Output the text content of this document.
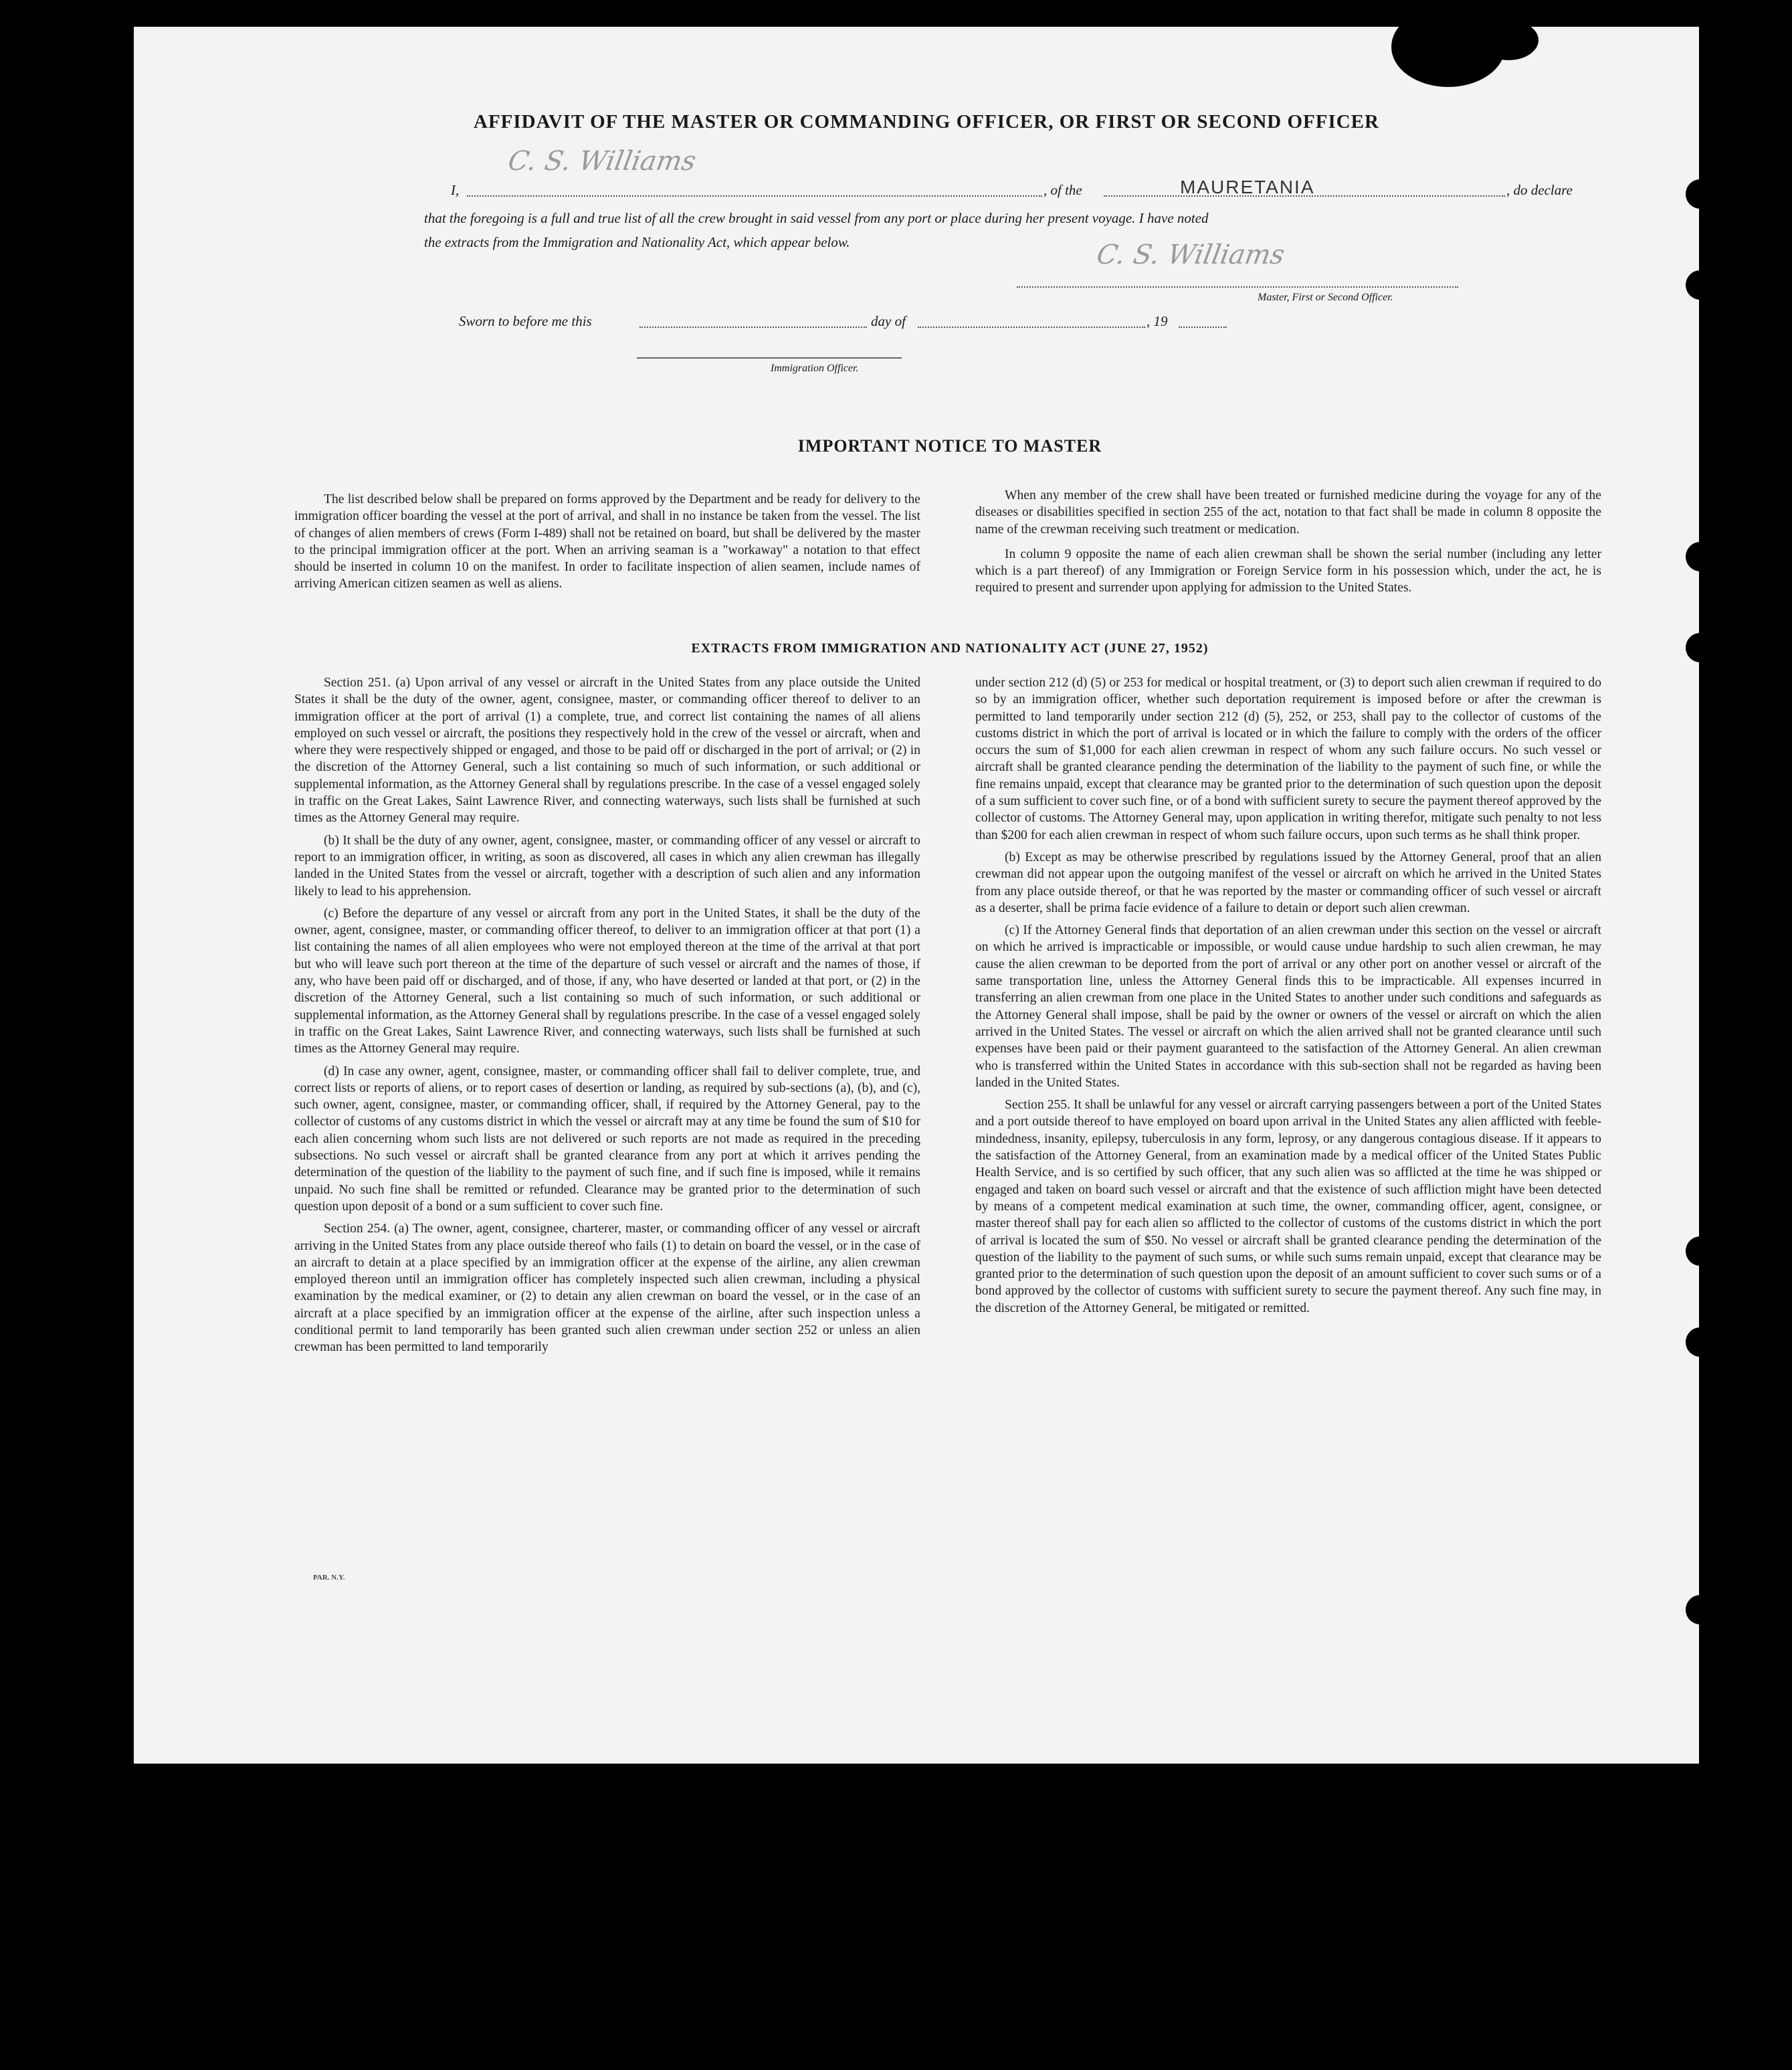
AFFIDAVIT OF THE MASTER OR COMMANDING OFFICER, OR FIRST OR SECOND OFFICER
I,
C. S. Williams
, of the	MAURETANIA	, do declare
that the foregoing is a full and true list of all the crew brought in said vessel from any port or place during her present voyage. I have noted
the extracts from the Immigration and Nationality Act, which appear below.	C. S. Williams
Master, First or Second Officer.
Sworn to before me this	day of	, 19
Immigration Officer.
IMPORTANT NOTICE TO MASTER

The list described below shall be prepared on forms approved by the Department and be ready for delivery to the immigration officer boarding the vessel at the port of arrival, and shall in no instance be taken from the vessel. The list of changes of alien members of crews (Form I-489) shall not be retained on board, but shall be delivered by the master to the principal immigration officer at the port. When an arriving seaman is a "workaway" a notation to that effect should be inserted in column 10 on the manifest. In order to facilitate inspection of alien seamen, include names of arriving American citizen seamen as well as aliens.

When any member of the crew shall have been treated or furnished medicine during the voyage for any of the diseases or disabilities specified in section 255 of the act, notation to that fact shall be made in column 8 opposite the name of the crewman receiving such treatment or medication.

In column 9 opposite the name of each alien crewman shall be shown the serial number (including any letter which is a part thereof) of any Immigration or Foreign Service form in his possession which, under the act, he is required to present and surrender upon applying for admission to the United States.

EXTRACTS FROM IMMIGRATION AND NATIONALITY ACT (JUNE 27, 1952)

Section 251. (a) Upon arrival of any vessel or aircraft in the United States from any place outside the United States it shall be the duty of the owner, agent, consignee, master, or commanding officer thereof to deliver to an immigration officer at the port of arrival (1) a complete, true, and correct list containing the names of all aliens employed on such vessel or aircraft, the positions they respectively hold in the crew of the vessel or aircraft, when and where they were respectively shipped or engaged, and those to be paid off or discharged in the port of arrival; or (2) in the discretion of the Attorney General, such a list containing so much of such information, or such additional or supplemental information, as the Attorney General shall by regulations prescribe. In the case of a vessel engaged solely in traffic on the Great Lakes, Saint Lawrence River, and connecting waterways, such lists shall be furnished at such times as the Attorney General may require.

(b) It shall be the duty of any owner, agent, consignee, master, or commanding officer of any vessel or aircraft to report to an immigration officer, in writing, as soon as discovered, all cases in which any alien crewman has illegally landed in the United States from the vessel or aircraft, together with a description of such alien and any information likely to lead to his apprehension.

(c) Before the departure of any vessel or aircraft from any port in the United States, it shall be the duty of the owner, agent, consignee, master, or commanding officer thereof, to deliver to an immigration officer at that port (1) a list containing the names of all alien employees who were not employed thereon at the time of the arrival at that port but who will leave such port thereon at the time of the departure of such vessel or aircraft and the names of those, if any, who have been paid off or discharged, and of those, if any, who have deserted or landed at that port, or (2) in the discretion of the Attorney General, such a list containing so much of such information, or such additional or supplemental information, as the Attorney General shall by regulations prescribe. In the case of a vessel engaged solely in traffic on the Great Lakes, Saint Lawrence River, and connecting waterways, such lists shall be furnished at such times as the Attorney General may require.

(d) In case any owner, agent, consignee, master, or commanding officer shall fail to deliver complete, true, and correct lists or reports of aliens, or to report cases of desertion or landing, as required by sub-sections (a), (b), and (c), such owner, agent, consignee, master, or commanding officer, shall, if required by the Attorney General, pay to the collector of customs of any customs district in which the vessel or aircraft may at any time be found the sum of $10 for each alien concerning whom such lists are not delivered or such reports are not made as required in the preceding subsections. No such vessel or aircraft shall be granted clearance from any port at which it arrives pending the determination of the question of the liability to the payment of such fine, and if such fine is imposed, while it remains unpaid. No such fine shall be remitted or refunded. Clearance may be granted prior to the determination of such question upon deposit of a bond or a sum sufficient to cover such fine.

Section 254. (a) The owner, agent, consignee, charterer, master, or commanding officer of any vessel or aircraft arriving in the United States from any place outside thereof who fails (1) to detain on board the vessel, or in the case of an aircraft to detain at a place specified by an immigration officer at the expense of the airline, any alien crewman employed thereon until an immigration officer has completely inspected such alien crewman, including a physical examination by the medical examiner, or (2) to detain any alien crewman on board the vessel, or in the case of an aircraft at a place specified by an immigration officer at the expense of the airline, after such inspection unless a conditional permit to land temporarily has been granted such alien crewman under section 252 or unless an alien crewman has been permitted to land temporarily

under section 212 (d) (5) or 253 for medical or hospital treatment, or (3) to deport such alien crewman if required to do so by an immigration officer, whether such deportation requirement is imposed before or after the crewman is permitted to land temporarily under section 212 (d) (5), 252, or 253, shall pay to the collector of customs of the customs district in which the port of arrival is located or in which the failure to comply with the orders of the officer occurs the sum of $1,000 for each alien crewman in respect of whom any such failure occurs. No such vessel or aircraft shall be granted clearance pending the determination of the liability to the payment of such fine, or while the fine remains unpaid, except that clearance may be granted prior to the determination of such question upon the deposit of a sum sufficient to cover such fine, or of a bond with sufficient surety to secure the payment thereof approved by the collector of customs. The Attorney General may, upon application in writing therefor, mitigate such penalty to not less than $200 for each alien crewman in respect of whom such failure occurs, upon such terms as he shall think proper.

(b) Except as may be otherwise prescribed by regulations issued by the Attorney General, proof that an alien crewman did not appear upon the outgoing manifest of the vessel or aircraft on which he arrived in the United States from any place outside thereof, or that he was reported by the master or commanding officer of such vessel or aircraft as a deserter, shall be prima facie evidence of a failure to detain or deport such alien crewman.

(c) If the Attorney General finds that deportation of an alien crewman under this section on the vessel or aircraft on which he arrived is impracticable or impossible, or would cause undue hardship to such alien crewman, he may cause the alien crewman to be deported from the port of arrival or any other port on another vessel or aircraft of the same transportation line, unless the Attorney General finds this to be impracticable. All expenses incurred in transferring an alien crewman from one place in the United States to another under such conditions and safeguards as the Attorney General shall impose, shall be paid by the owner or owners of the vessel or aircraft on which the alien arrived in the United States. The vessel or aircraft on which the alien arrived shall not be granted clearance until such expenses have been paid or their payment guaranteed to the satisfaction of the Attorney General. An alien crewman who is transferred within the United States in accordance with this sub-section shall not be regarded as having been landed in the United States.

Section 255. It shall be unlawful for any vessel or aircraft carrying passengers between a port of the United States and a port outside thereof to have employed on board upon arrival in the United States any alien afflicted with feeble-mindedness, insanity, epilepsy, tuberculosis in any form, leprosy, or any dangerous contagious disease. If it appears to the satisfaction of the Attorney General, from an examination made by a medical officer of the United States Public Health Service, and is so certified by such officer, that any such alien was so afflicted at the time he was shipped or engaged and taken on board such vessel or aircraft and that the existence of such affliction might have been detected by means of a competent medical examination at such time, the owner, commanding officer, agent, consignee, or master thereof shall pay for each alien so afflicted to the collector of customs of the customs district in which the port of arrival is located the sum of $50. No vessel or aircraft shall be granted clearance pending the determination of the question of the liability to the payment of such sums, or while such sums remain unpaid, except that clearance may be granted prior to the determination of such question upon the deposit of an amount sufficient to cover such sums or of a bond approved by the collector of customs with sufficient surety to secure the payment thereof. Any such fine may, in the discretion of the Attorney General, be mitigated or remitted.

PAR. N.Y.
